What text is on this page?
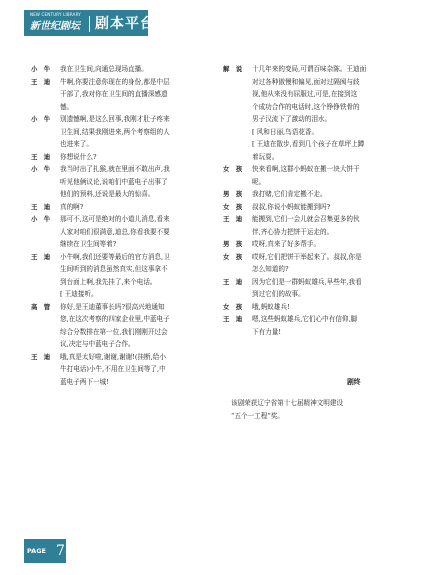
NEW CENTURY LIBRARY
新世纪剧坛 剧本平台
小　牛	我在卫生间,向通总现场直播。
王　迪	牛啊,你要注意你现在的身份,都是中层
干部了,我对你在卫生间的直播深感遗
憾。
小　牛	别遗憾啊,是这么回事,我刚才肚子疼来
卫生间,结果我刚进来,两个考察组的人
也进来了。
王　迪	你想说什么?
小　牛	我当时出了扎猴,就在里面不敢出声,我
听见他俩议论,说咱们中蓝电子出事了
他们的预料,还说是最大的惊喜。
王　迪	真的啊?
小　牛	那可不,这可是绝对的小道儿消息,看来
人家对咱们很满意,迪总,你看我要不要
继续在卫生间等着?
王　迪	小牛啊,我们还要等最后的官方消息,卫
生间听到的消息虽然真实,但这事拿不
到台面上啊,我先挂了,来个电话。
[ 王迪接听。
高　管	你好,是王迪董事长吗?很高兴地通知
您,在这次考察的四家企业里,中蓝电子
综合分数排在第一位,我们刚刚开过会
议,决定与中蓝电子合作。
王　迪	哦,真是太好啦,谢谢,谢谢!(挂断,给小
牛打电话)小牛,不用在卫生间等了,中
蓝电子两下一城!
解　说	十几年来的变局,可谓百味杂陈。王迪面
对过各种傲慢和偏见,面对过隔阂与歧
视,他从来没有屈服过,可是,在接到这
个成功合作的电话时,这个铮铮铁骨的
男子汉流下了激动的泪水。
[ 风和日丽,鸟语花香。
[ 王迪在散步,看到几个孩子在草坪上蹲
着玩耍。
女　孩	快来看啊,这群小蚂蚁在搬一块大饼干
呢。
男　孩	我打赌,它们肯定搬不走。
女　孩	叔叔,你说小蚂蚁能搬到吗?
王　迪	能搬到,它们一会儿就会召集更多的伙
伴,齐心协力把饼干运走的。
男　孩	哎呀,真来了好多帮手。
女　孩	哎呀,它们把饼干举起来了。叔叔,你是
怎么知道的?
王　迪	因为它们是一群蚂蚁雄兵,早些年,我看
到过它们的故事。
女　孩	哦,蚂蚁雄兵!
王　迪	嗯,这些蚂蚁雄兵,它们心中有信仰,脚
下有力量!
剧终
该剧荣获辽宁省第十七届精神文明建设
“五个一工程”奖。
PAGE 78
